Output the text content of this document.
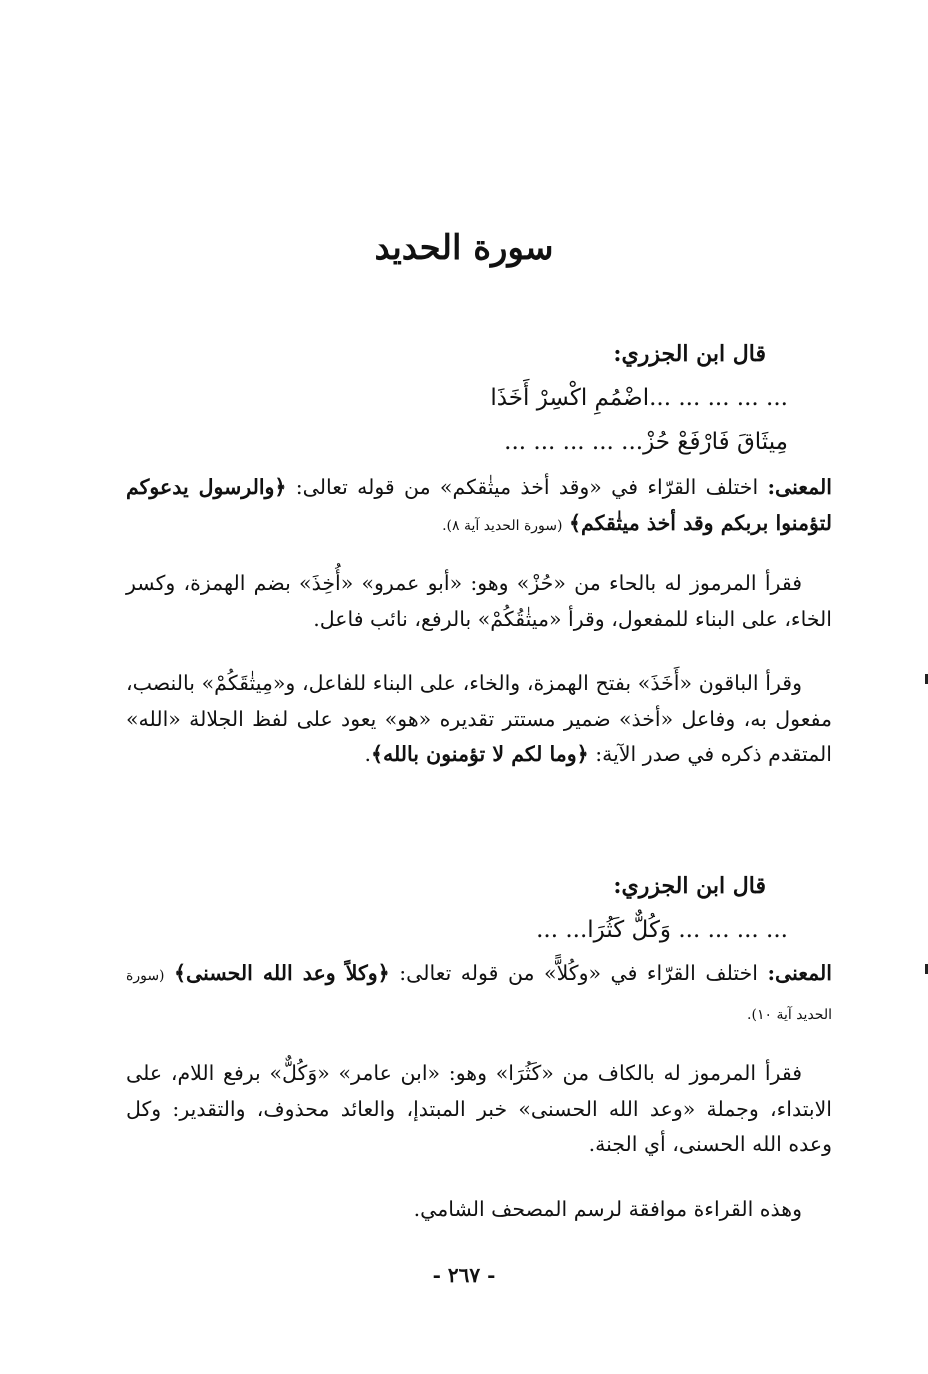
سورة الحديد
قال ابن الجزري:
... ... ... ... ...اضْمُمِ اكْسِرْ أَخَذَا
مِيثَاقَ فَارْفَعْ حُزْ... ... ... ... ...
المعنى: اختلف القرّاء في «وقد أخذ ميثٰقكم» من قوله تعالى: ﴿والرسول يدعوكم لتؤمنوا بربكم وقد أخذ ميثٰقكم﴾ (سورة الحديد آية ٨).
فقرأ المرموز له بالحاء من «حُزْ» وهو: «أبو عمرو» «أُخِذَ» بضم الهمزة، وكسر الخاء، على البناء للمفعول، وقرأ «ميثٰقُكُمْ» بالرفع، نائب فاعل.
وقرأ الباقون «أَخَذَ» بفتح الهمزة، والخاء، على البناء للفاعل، و«مِيثٰقَكُمْ» بالنصب، مفعول به، وفاعل «أخذ» ضمير مستتر تقديره «هو» يعود على لفظ الجلالة «الله» المتقدم ذكره في صدر الآية: ﴿وما لكم لا تؤمنون بالله﴾.
قال ابن الجزري:
... ... ... ... وَكُلٌّ كَثُرَا... ...
المعنى: اختلف القرّاء في «وكُلاًّ» من قوله تعالى: ﴿وكلاً وعد الله الحسنى﴾ (سورة الحديد آية ١٠).
فقرأ المرموز له بالكاف من «كَثُرَا» وهو: «ابن عامر» «وَكُلٌّ» برفع اللام، على الابتداء، وجملة «وعد الله الحسنى» خبر المبتدإ، والعائد محذوف، والتقدير: وكل وعده الله الحسنى، أي الجنة.
وهذه القراءة موافقة لرسم المصحف الشامي.
- ٢٦٧ -
